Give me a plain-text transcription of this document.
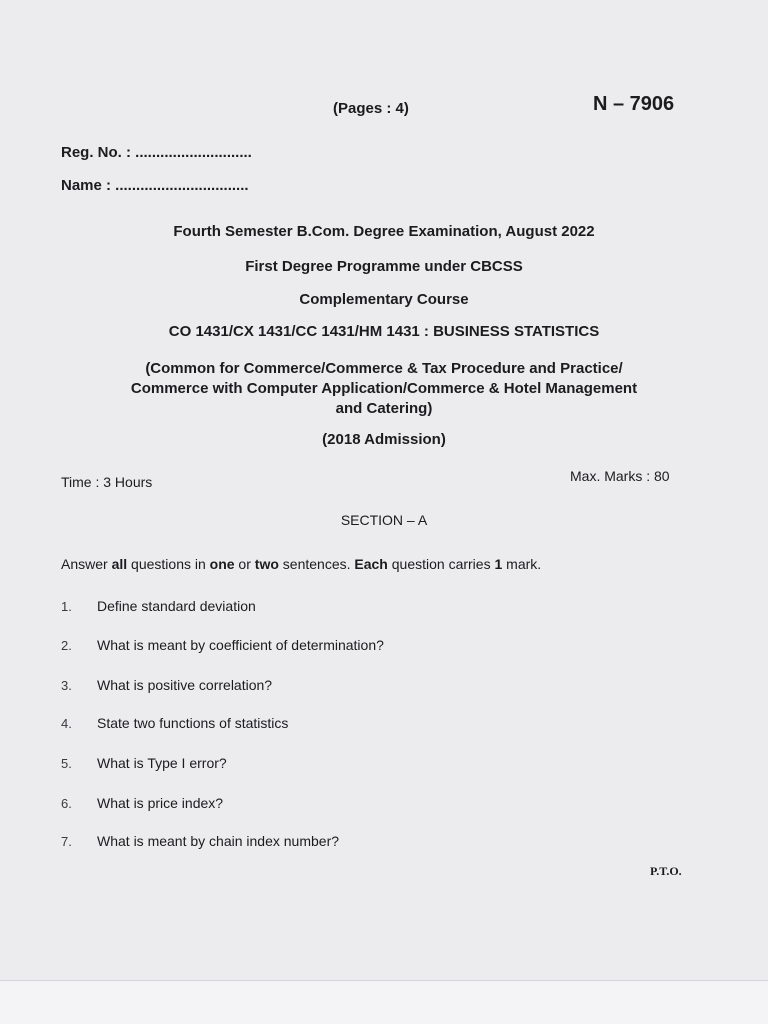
(Pages : 4)	N – 7906
Reg. No. : ............................
Name : ................................
Fourth Semester B.Com. Degree Examination, August 2022
First Degree Programme under CBCSS
Complementary Course
CO 1431/CX 1431/CC 1431/HM 1431 : BUSINESS STATISTICS
(Common for Commerce/Commerce & Tax Procedure and Practice/
Commerce with Computer Application/Commerce & Hotel Management
and Catering)
(2018 Admission)
Time : 3 Hours	Max. Marks : 80
SECTION – A
Answer all questions in one or two sentences. Each question carries 1 mark.
1. Define standard deviation
2. What is meant by coefficient of determination?
3. What is positive correlation?
4. State two functions of statistics
5. What is Type I error?
6. What is price index?
7. What is meant by chain index number?
P.T.O.
